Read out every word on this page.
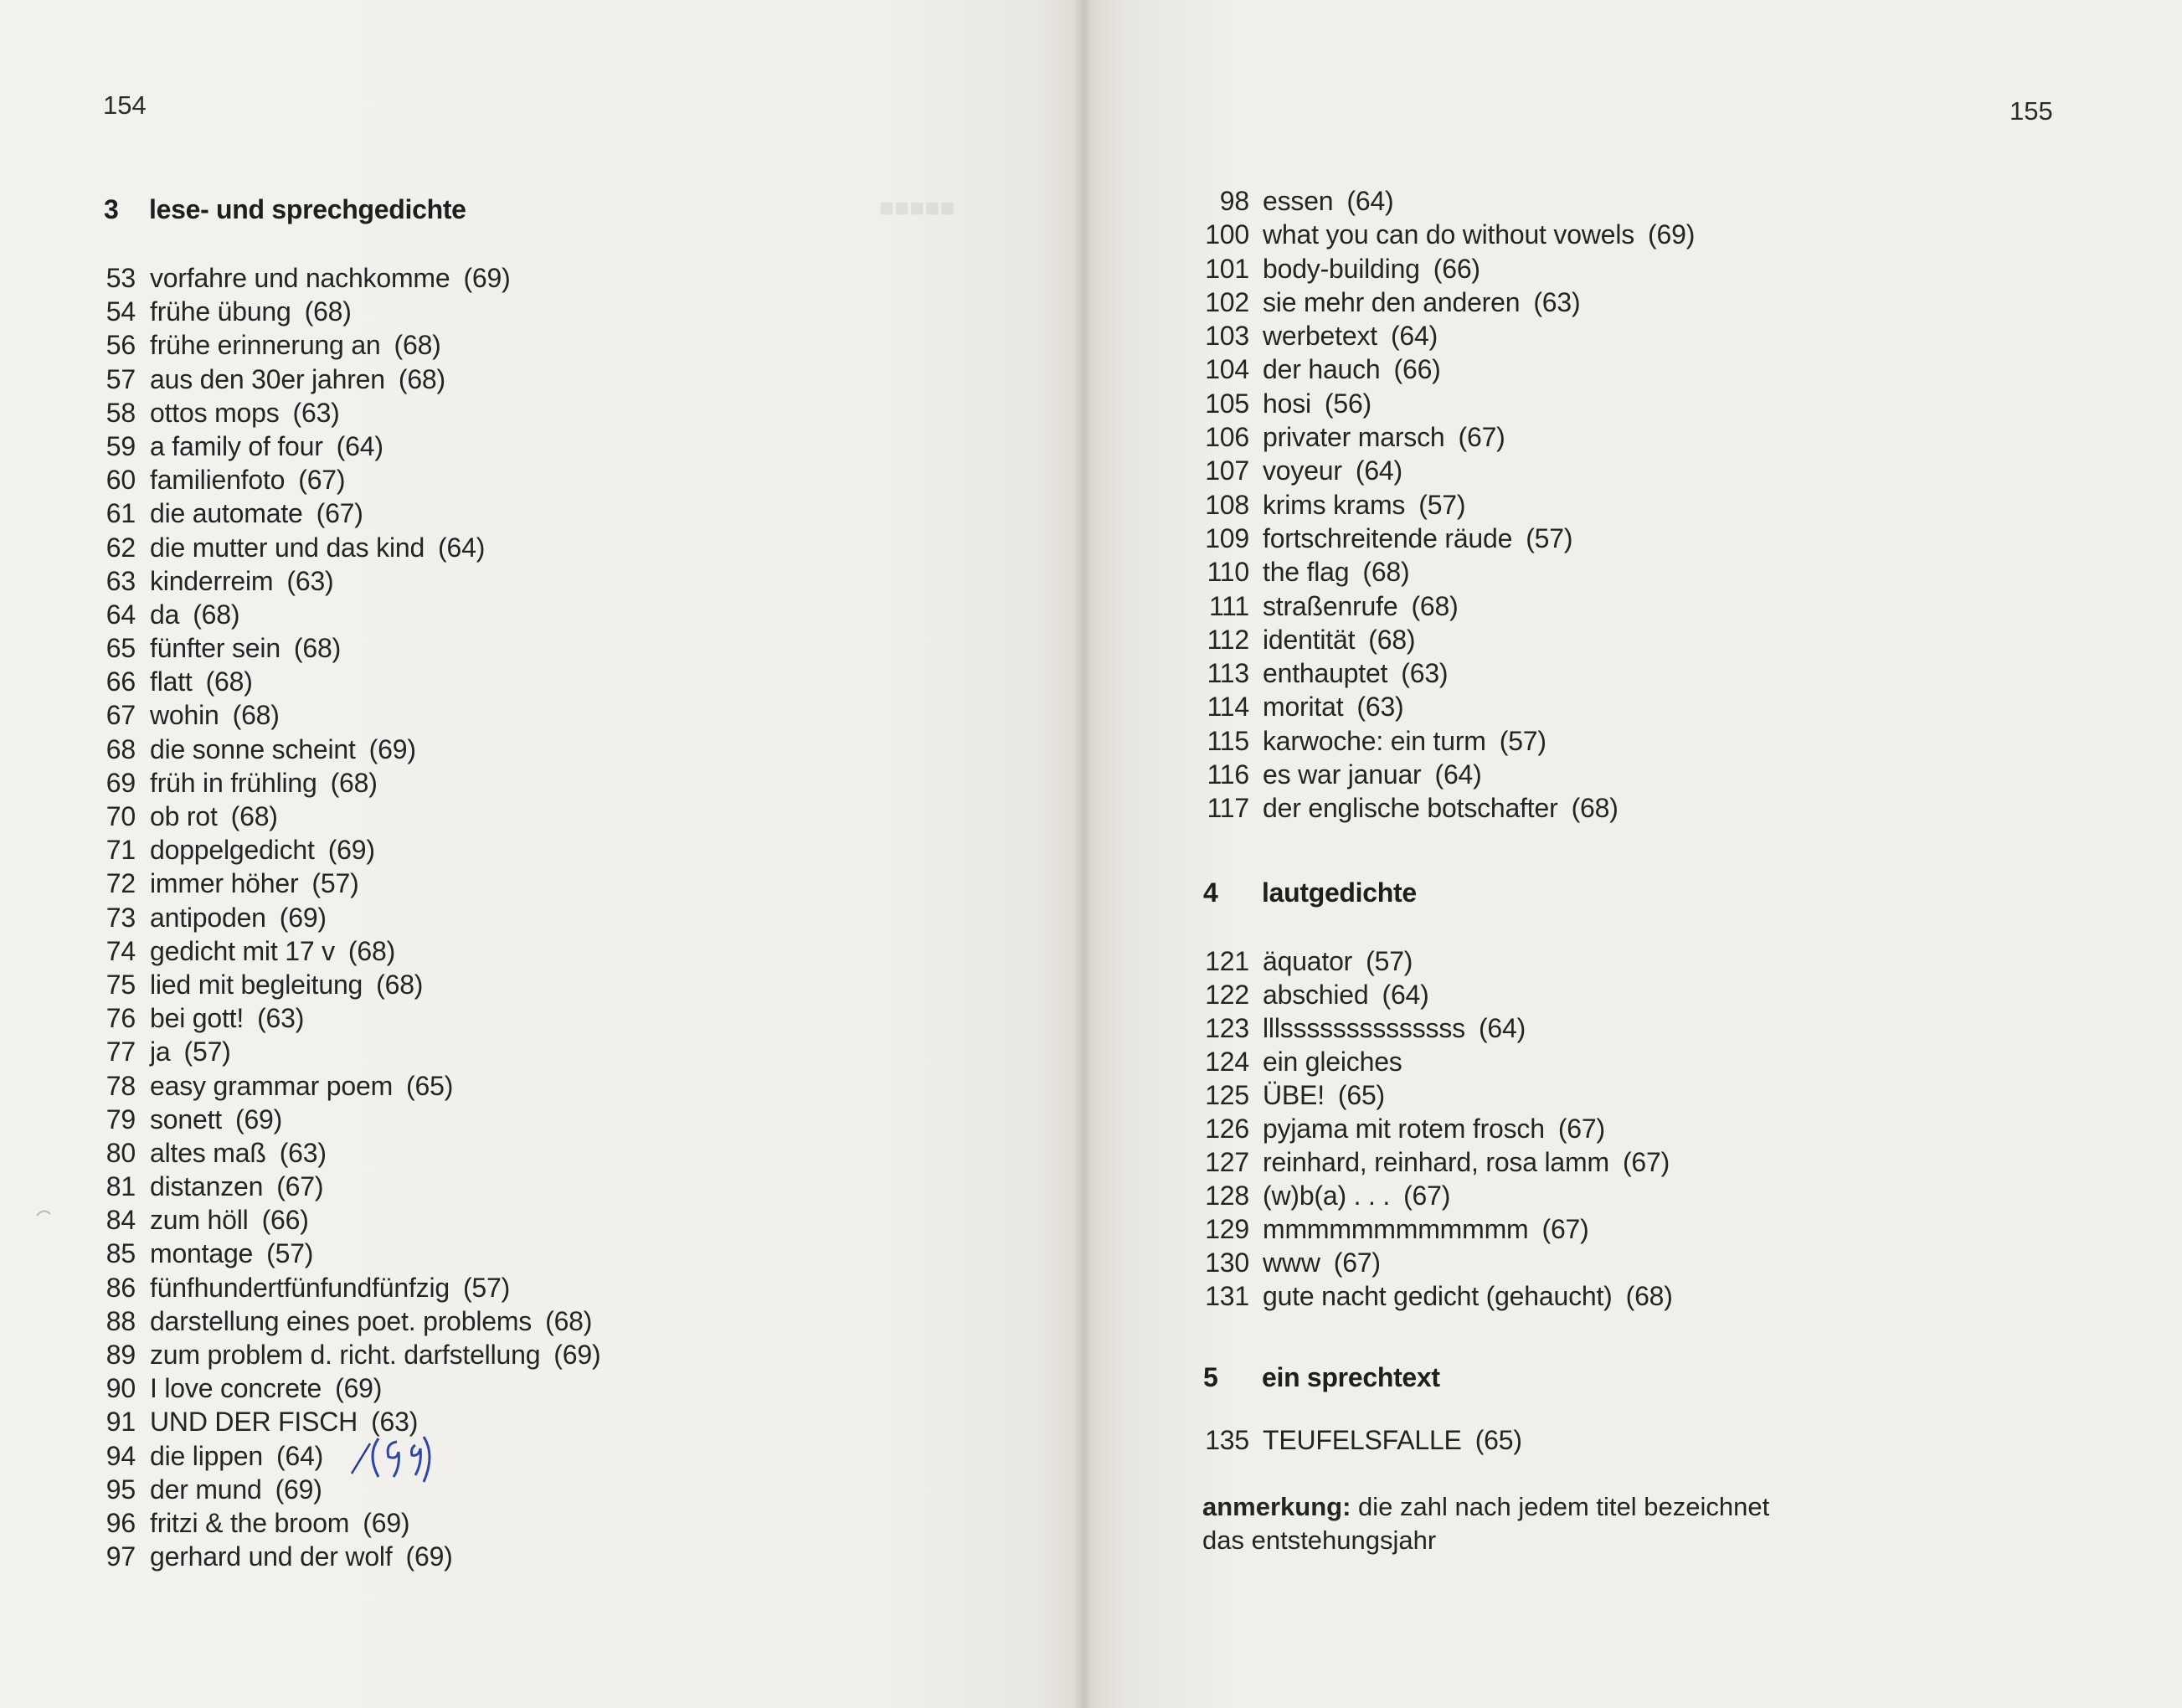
■■■■■
154	155
3 lese- und sprechgedichte
53 vorfahre und nachkomme (69)
54 frühe übung (68)
56 frühe erinnerung an (68)
57 aus den 30er jahren (68)
58 ottos mops (63)
59 a family of four (64)
60 familienfoto (67)
61 die automate (67)
62 die mutter und das kind (64)
63 kinderreim (63)
64 da (68)
65 fünfter sein (68)
66 flatt (68)
67 wohin (68)
68 die sonne scheint (69)
69 früh in frühling (68)
70 ob rot (68)
71 doppelgedicht (69)
72 immer höher (57)
73 antipoden (69)
74 gedicht mit 17 v (68)
75 lied mit begleitung (68)
76 bei gott! (63)
77 ja (57)
78 easy grammar poem (65)
79 sonett (69)
80 altes maß (63)
81 distanzen (67)
84 zum höll (66)
85 montage (57)
86 fünfhundertfünfundfünfzig (57)
88 darstellung eines poet. problems (68)
89 zum problem d. richt. darfstellung (69)
90 I love concrete (69)
91 UND DER FISCH (63)
94 die lippen (64)
95 der mund (69)
96 fritzi & the broom (69)
97 gerhard und der wolf (69)
98 essen (64)
100 what you can do without vowels (69)
101 body-building (66)
102 sie mehr den anderen (63)
103 werbetext (64)
104 der hauch (66)
105 hosi (56)
106 privater marsch (67)
107 voyeur (64)
108 krims krams (57)
109 fortschreitende räude (57)
110 the flag (68)
111 straßenrufe (68)
112 identität (68)
113 enthauptet (63)
114 moritat (63)
115 karwoche: ein turm (57)
116 es war januar (64)
117 der englische botschafter (68)
4 lautgedichte
121 äquator (57)
122 abschied (64)
123 lllssssssssssssss (64)
124 ein gleiches
125 ÜBE! (65)
126 pyjama mit rotem frosch (67)
127 reinhard, reinhard, rosa lamm (67)
128 (w)b(a) . . . (67)
129 mmmmmmmmmmmm (67)
130 www (67)
131 gute nacht gedicht (gehaucht) (68)
5 ein sprechtext
135 TEUFELSFALLE (65)
anmerkung: die zahl nach jedem titel bezeichnet das entstehungsjahr
